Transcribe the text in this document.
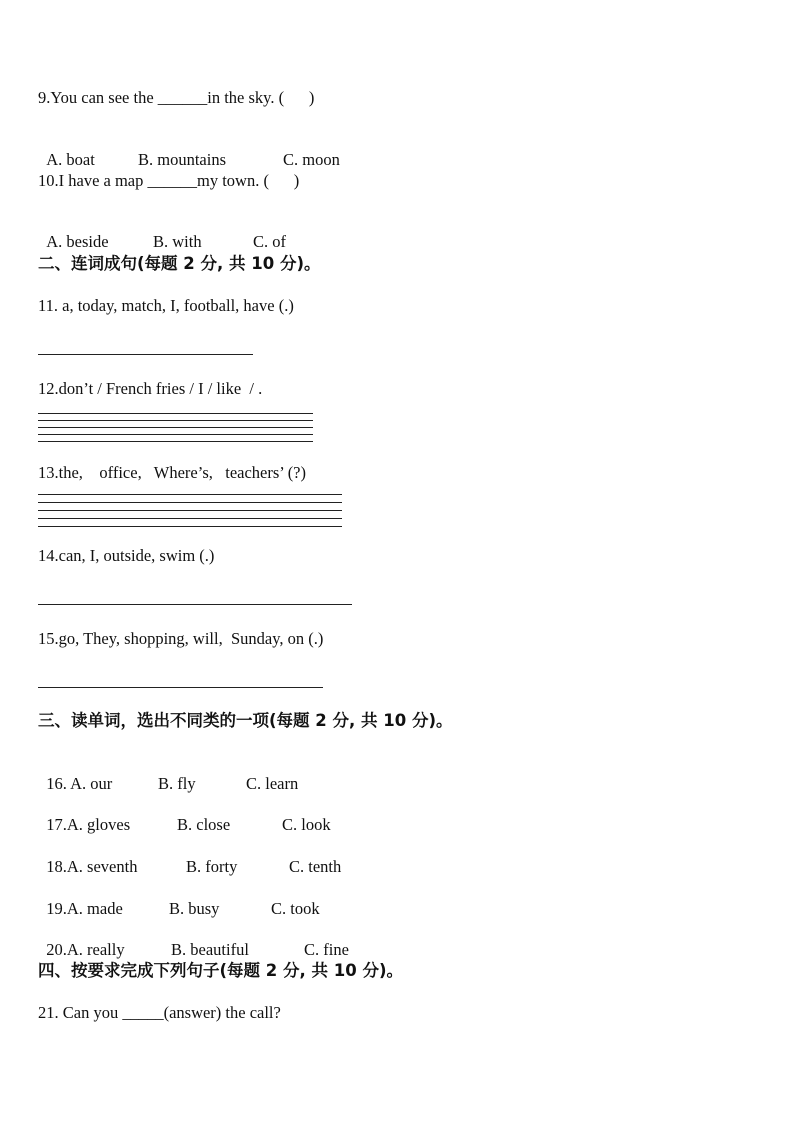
9.You can see the ______in the sky. (      )

A. boat	B. mountains	C. moon

10.I have a map ______my town. (      )

A. beside	B. with	C. of

二、连词成句(每题 2 分, 共 10 分)。
11. a, today, match, I, football, have (.)
12.don’t / French fries / I / like  / .
13.the,    office,   Where’s,   teachers’ (?)
14.can, I, outside, swim (.)
15.go, They, shopping, will,  Sunday, on (.)
三、读单词，选出不同类的一项(每题 2 分, 共 10 分)。

16. A. our	B. fly	C. learn

17.A. gloves	B. close	C. look

18.A. seventh	B. forty	C. tenth

19.A. made	B. busy	C. took

20.A. really	B. beautiful	C. fine

四、按要求完成下列句子(每题 2 分, 共 10 分)。
21. Can you _____(answer) the call?
